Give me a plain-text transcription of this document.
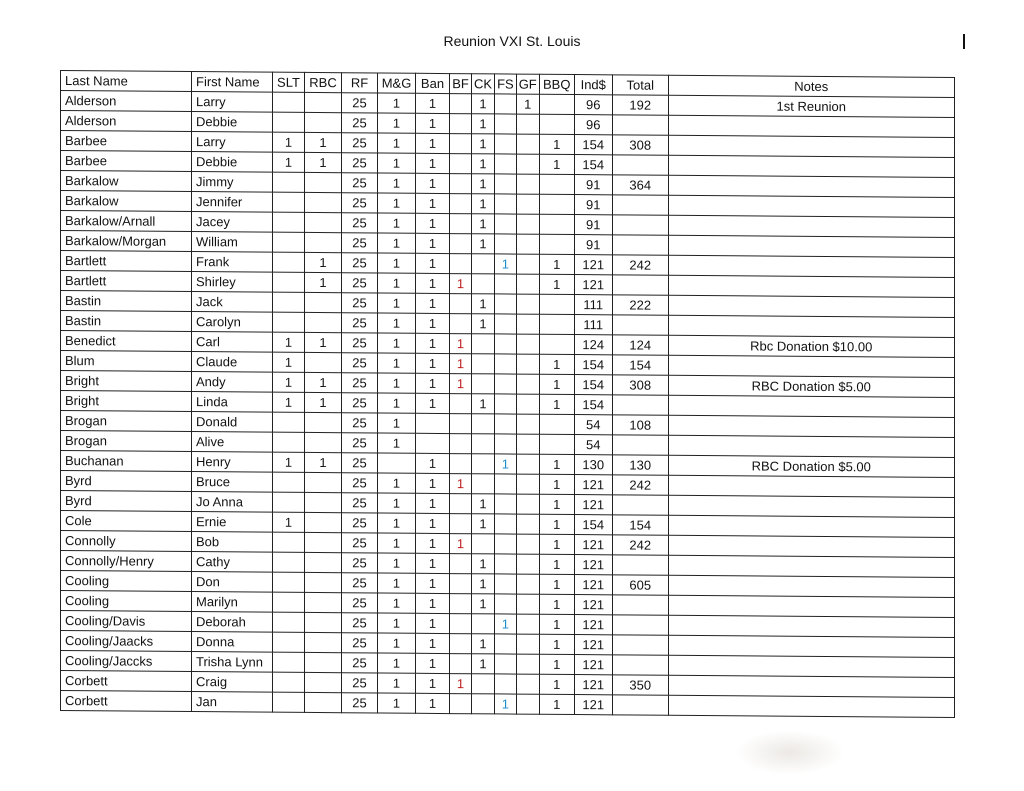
Reunion VXI St. Louis
Last Name	First Name	SLT	RBC	RF	M&G	Ban	BF	CK	FS	GF	BBQ	Ind$	Total	Notes
Alderson	Larry			25	1	1		1		1		96	192	1st Reunion
Alderson	Debbie			25	1	1		1				96		
Barbee	Larry	1	1	25	1	1		1			1	154	308	
Barbee	Debbie	1	1	25	1	1		1			1	154		
Barkalow	Jimmy			25	1	1		1				91	364	
Barkalow	Jennifer			25	1	1		1				91		
Barkalow/Arnall	Jacey			25	1	1		1				91		
Barkalow/Morgan	William			25	1	1		1				91		
Bartlett	Frank		1	25	1	1			1		1	121	242	
Bartlett	Shirley		1	25	1	1	1				1	121		
Bastin	Jack			25	1	1		1				111	222	
Bastin	Carolyn			25	1	1		1				111		
Benedict	Carl	1	1	25	1	1	1					124	124	Rbc Donation $10.00
Blum	Claude	1		25	1	1	1				1	154	154	
Bright	Andy	1	1	25	1	1	1				1	154	308	RBC Donation $5.00
Bright	Linda	1	1	25	1	1		1			1	154		
Brogan	Donald			25	1							54	108	
Brogan	Alive			25	1							54		
Buchanan	Henry	1	1	25		1			1		1	130	130	RBC Donation $5.00
Byrd	Bruce			25	1	1	1				1	121	242	
Byrd	Jo Anna			25	1	1		1			1	121		
Cole	Ernie	1		25	1	1		1			1	154	154	
Connolly	Bob			25	1	1	1				1	121	242	
Connolly/Henry	Cathy			25	1	1		1			1	121		
Cooling	Don			25	1	1		1			1	121	605	
Cooling	Marilyn			25	1	1		1			1	121		
Cooling/Davis	Deborah			25	1	1			1		1	121		
Cooling/Jaacks	Donna			25	1	1		1			1	121		
Cooling/Jaccks	Trisha Lynn			25	1	1		1			1	121		
Corbett	Craig			25	1	1	1				1	121	350	
Corbett	Jan			25	1	1			1		1	121		
